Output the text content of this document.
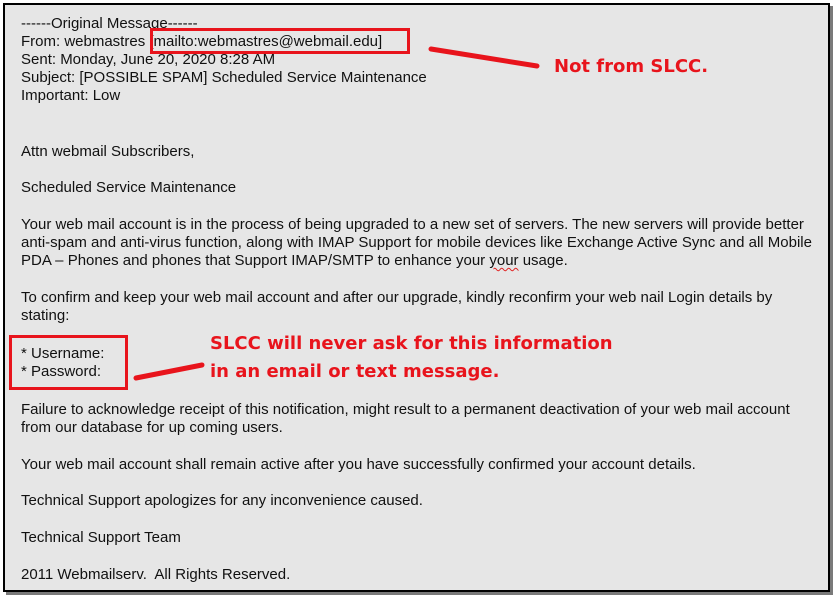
------Original Message------
From: webmastres [mailto:webmastres@webmail.edu]
Sent: Monday, June 20, 2020 8:28 AM
Subject: [POSSIBLE SPAM] Scheduled Service Maintenance
Important: Low
Attn webmail Subscribers,
Scheduled Service Maintenance
Your web mail account is in the process of being upgraded to a new set of servers. The new servers will provide better anti-spam and anti-virus function, along with IMAP Support for mobile devices like Exchange Active Sync and all Mobile PDA – Phones and phones that Support IMAP/SMTP to enhance your your usage.
To confirm and keep your web mail account and after our upgrade, kindly reconfirm your web nail Login details by stating:
* Username:
* Password:
Failure to acknowledge receipt of this notification, might result to a permanent deactivation of your web mail account from our database for up coming users.
Your web mail account shall remain active after you have successfully confirmed your account details.
Technical Support apologizes for any inconvenience caused.
Technical Support Team
2011 Webmailserv.  All Rights Reserved.
Not from SLCC.
SLCC will never ask for this information
in an email or text message.
